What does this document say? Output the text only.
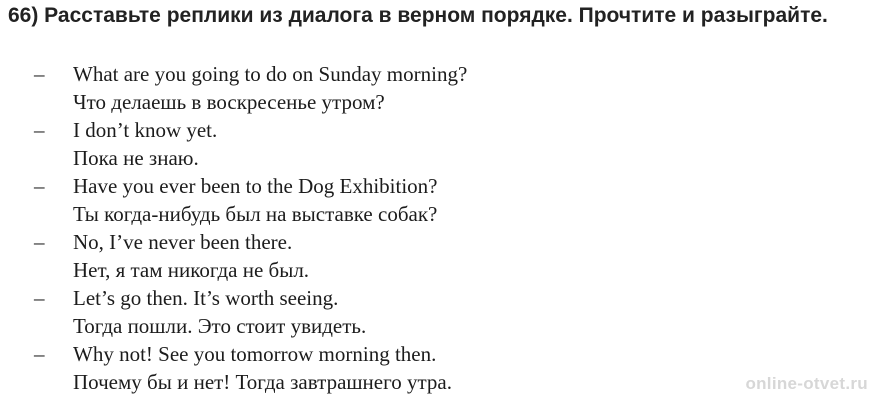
66) Расставьте реплики из диалога в верном порядке. Прочтите и разыграйте.
– What are you going to do on Sunday morning?
Что делаешь в воскресенье утром?
– I don’t know yet.
Пока не знаю.
– Have you ever been to the Dog Exhibition?
Ты когда-нибудь был на выставке собак?
– No, I’ve never been there.
Нет, я там никогда не был.
– Let’s go then. It’s worth seeing.
Тогда пошли. Это стоит увидеть.
– Why not! See you tomorrow morning then.
Почему бы и нет! Тогда завтрашнего утра.	online-otvet.ru
